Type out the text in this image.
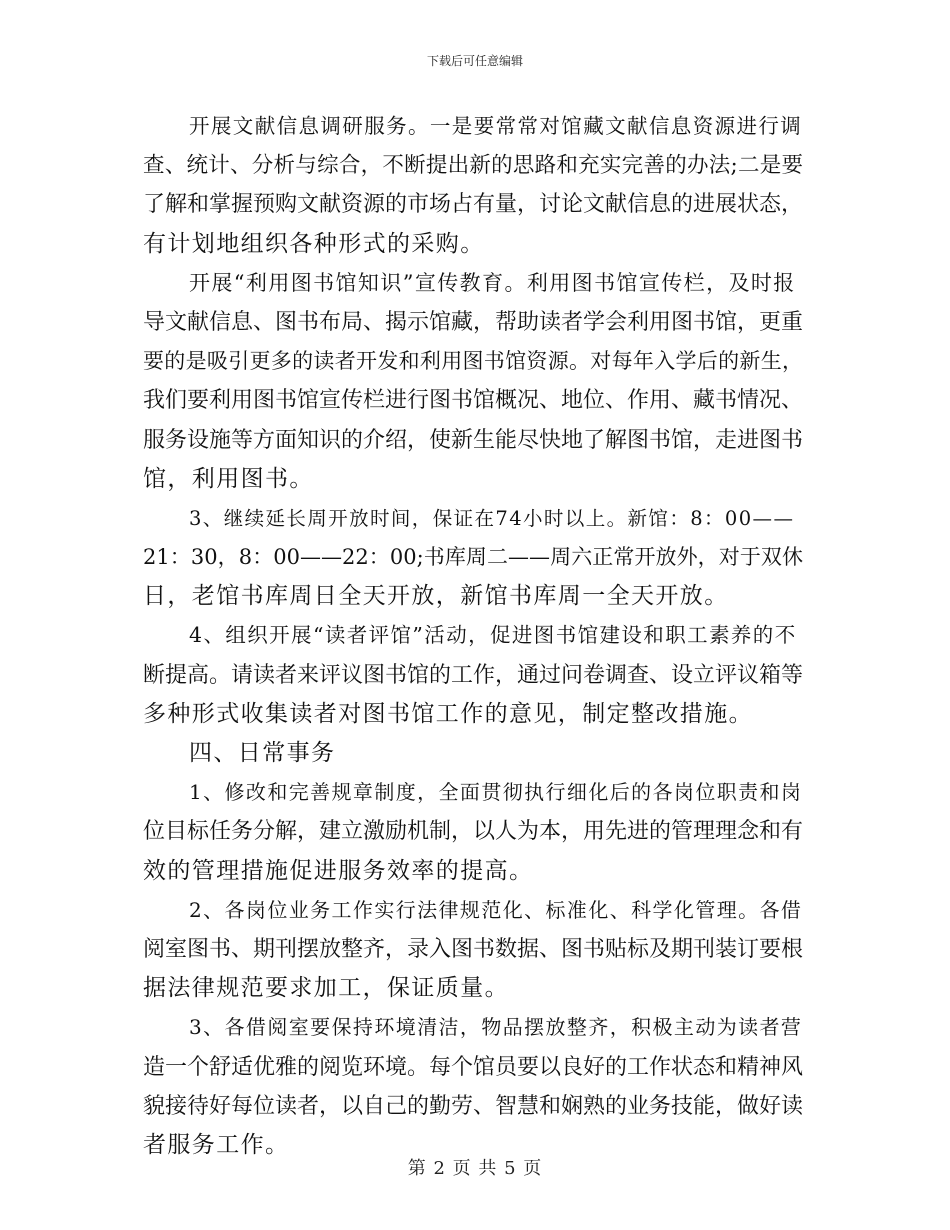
下载后可任意编辑
开展文献信息调研服务。一是要常常对馆藏文献信息资源进行调
查、统计、分析与综合，不断提出新的思路和充实完善的办法;二是要
了解和掌握预购文献资源的市场占有量，讨论文献信息的进展状态，
有计划地组织各种形式的采购。
开展“利用图书馆知识”宣传教育。利用图书馆宣传栏，及时报
导文献信息、图书布局、揭示馆藏，帮助读者学会利用图书馆，更重
要的是吸引更多的读者开发和利用图书馆资源。对每年入学后的新生，
我们要利用图书馆宣传栏进行图书馆概况、地位、作用、藏书情况、
服务设施等方面知识的介绍，使新生能尽快地了解图书馆，走进图书
馆，利用图书。
3、继续延长周开放时间，保证在74小时以上。新馆：8：00——
21：30，8：00——22：00;书库周二——周六正常开放外，对于双休
日，老馆书库周日全天开放，新馆书库周一全天开放。
4、组织开展“读者评馆”活动，促进图书馆建设和职工素养的不
断提高。请读者来评议图书馆的工作，通过问卷调查、设立评议箱等
多种形式收集读者对图书馆工作的意见，制定整改措施。
四、日常事务
1、修改和完善规章制度，全面贯彻执行细化后的各岗位职责和岗
位目标任务分解，建立激励机制，以人为本，用先进的管理理念和有
效的管理措施促进服务效率的提高。
2、各岗位业务工作实行法律规范化、标准化、科学化管理。各借
阅室图书、期刊摆放整齐，录入图书数据、图书贴标及期刊装订要根
据法律规范要求加工，保证质量。
3、各借阅室要保持环境清洁，物品摆放整齐，积极主动为读者营
造一个舒适优雅的阅览环境。每个馆员要以良好的工作状态和精神风
貌接待好每位读者，以自己的勤劳、智慧和娴熟的业务技能，做好读
者服务工作。
第 2 页 共 5 页
